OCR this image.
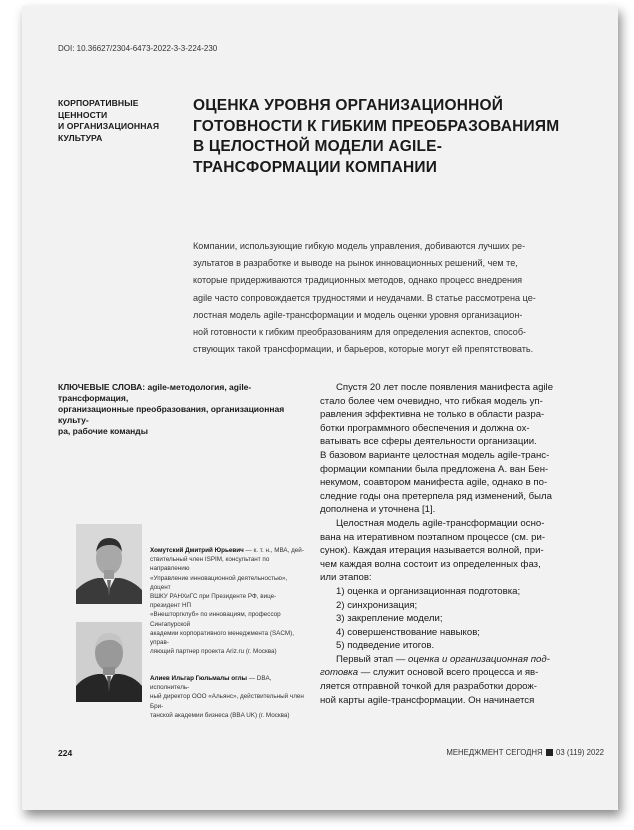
DOI: 10.36627/2304-6473-2022-3-3-224-230
КОРПОРАТИВНЫЕ
ЦЕННОСТИ
И ОРГАНИЗАЦИОННАЯ
КУЛЬТУРА
ОЦЕНКА УРОВНЯ ОРГАНИЗАЦИОННОЙ
ГОТОВНОСТИ К ГИБКИМ ПРЕОБРАЗОВАНИЯМ
В ЦЕЛОСТНОЙ МОДЕЛИ AGILE-
ТРАНСФОРМАЦИИ КОМПАНИИ
Компании, использующие гибкую модель управления, добиваются лучших ре-
зультатов в разработке и выводе на рынок инновационных решений, чем те,
которые придерживаются традиционных методов, однако процесс внедрения
agile часто сопровождается трудностями и неудачами. В статье рассмотрена це-
лостная модель agile-трансформации и модель оценки уровня организацион-
ной готовности к гибким преобразованиям для определения аспектов, способ-
ствующих такой трансформации, и барьеров, которые могут ей препятствовать.
КЛЮЧЕВЫЕ СЛОВА: agile-методология, agile-трансформация,
организационные преобразования, организационная культу-
ра, рабочие команды

Спустя 20 лет после появления манифеста agile

стало более чем очевидно, что гибкая модель уп-

равления эффективна не только в области разра-

ботки программного обеспечения и должна ох-

ватывать все сферы деятельности организации.

В базовом варианте целостная модель agile-транс-

формации компании была предложена А. ван Бен-

некумом, соавтором манифеста agile, однако в по-

следние годы она претерпела ряд изменений, была

дополнена и уточнена [1].

Целостная модель agile-трансформации осно-

вана на итеративном поэтапном процессе (см. ри-

сунок). Каждая итерация называется волной, при-

чем каждая волна состоит из определенных фаз,

или этапов:

1) оценка и организационная подготовка;

2) синхронизация;

3) закрепление модели;

4) совершенствование навыков;

5) подведение итогов.

Первый этап — оценка и организационная под-

готовка — служит основой всего процесса и яв-

ляется отправной точкой для разработки дорож-

ной карты agile-трансформации. Он начинается

Хомутский Дмитрий Юрьевич — к. т. н., МВА, дей-
ствительный член ISPIM, консультант по направлению
«Управление инновационной деятельностью», доцент
ВШКУ РАНХиГС при Президенте РФ, вице-президент НП
«Внешторгклуб» по инновациям, профессор Сингапурской
академии корпоративного менеджмента (SACM), управ-
ляющий партнер проекта Ariz.ru (г. Москва)
Алиев Ильгар Гюльмалы оглы — DBA, исполнитель-
ный директор ООО «Альянс», действительный член Бри-
танской академии бизнеса (BBA UK) (г. Москва)
224	МЕНЕДЖМЕНТ СЕГОДНЯ 03 (119) 2022
